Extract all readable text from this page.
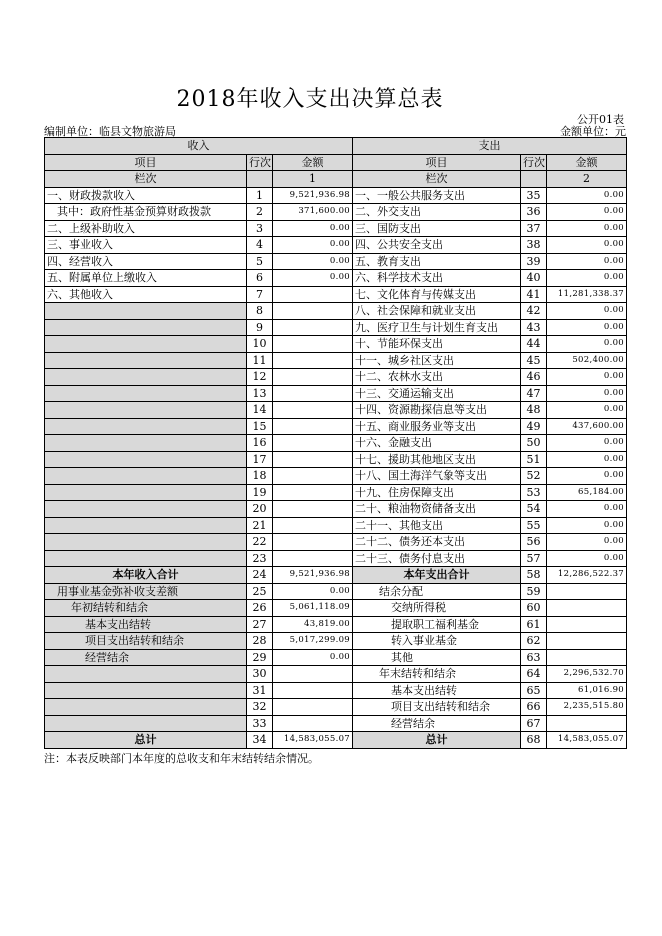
2018年收入支出决算总表
公开01表
编制单位：临县文物旅游局	金额单位：元
收入			支出		
项目	行次	金额	项目	行次	金额
栏次		1	栏次		2
一、财政拨款收入	1	9,521,936.98	一、一般公共服务支出	35	0.00
其中：政府性基金预算财政拨款	2	371,600.00	二、外交支出	36	0.00
二、上级补助收入	3	0.00	三、国防支出	37	0.00
三、事业收入	4	0.00	四、公共安全支出	38	0.00
四、经营收入	5	0.00	五、教育支出	39	0.00
五、附属单位上缴收入	6	0.00	六、科学技术支出	40	0.00
六、其他收入	7		七、文化体育与传媒支出	41	11,281,338.37
	8		八、社会保障和就业支出	42	0.00
	9		九、医疗卫生与计划生育支出	43	0.00
	10		十、节能环保支出	44	0.00
	11		十一、城乡社区支出	45	502,400.00
	12		十二、农林水支出	46	0.00
	13		十三、交通运输支出	47	0.00
	14		十四、资源勘探信息等支出	48	0.00
	15		十五、商业服务业等支出	49	437,600.00
	16		十六、金融支出	50	0.00
	17		十七、援助其他地区支出	51	0.00
	18		十八、国土海洋气象等支出	52	0.00
	19		十九、住房保障支出	53	65,184.00
	20		二十、粮油物资储备支出	54	0.00
	21		二十一、其他支出	55	0.00
	22		二十二、债务还本支出	56	0.00
	23		二十三、债务付息支出	57	0.00
本年收入合计	24	9,521,936.98	本年支出合计	58	12,286,522.37
用事业基金弥补收支差额	25	0.00	结余分配	59	
年初结转和结余	26	5,061,118.09	交纳所得税	60	
基本支出结转	27	43,819.00	提取职工福利基金	61	
项目支出结转和结余	28	5,017,299.09	转入事业基金	62	
经营结余	29	0.00	其他	63	
	30		年末结转和结余	64	2,296,532.70
	31		基本支出结转	65	61,016.90
	32		项目支出结转和结余	66	2,235,515.80
	33		经营结余	67	
总计	34	14,583,055.07	总计	68	14,583,055.07
注：本表反映部门本年度的总收支和年末结转结余情况。
